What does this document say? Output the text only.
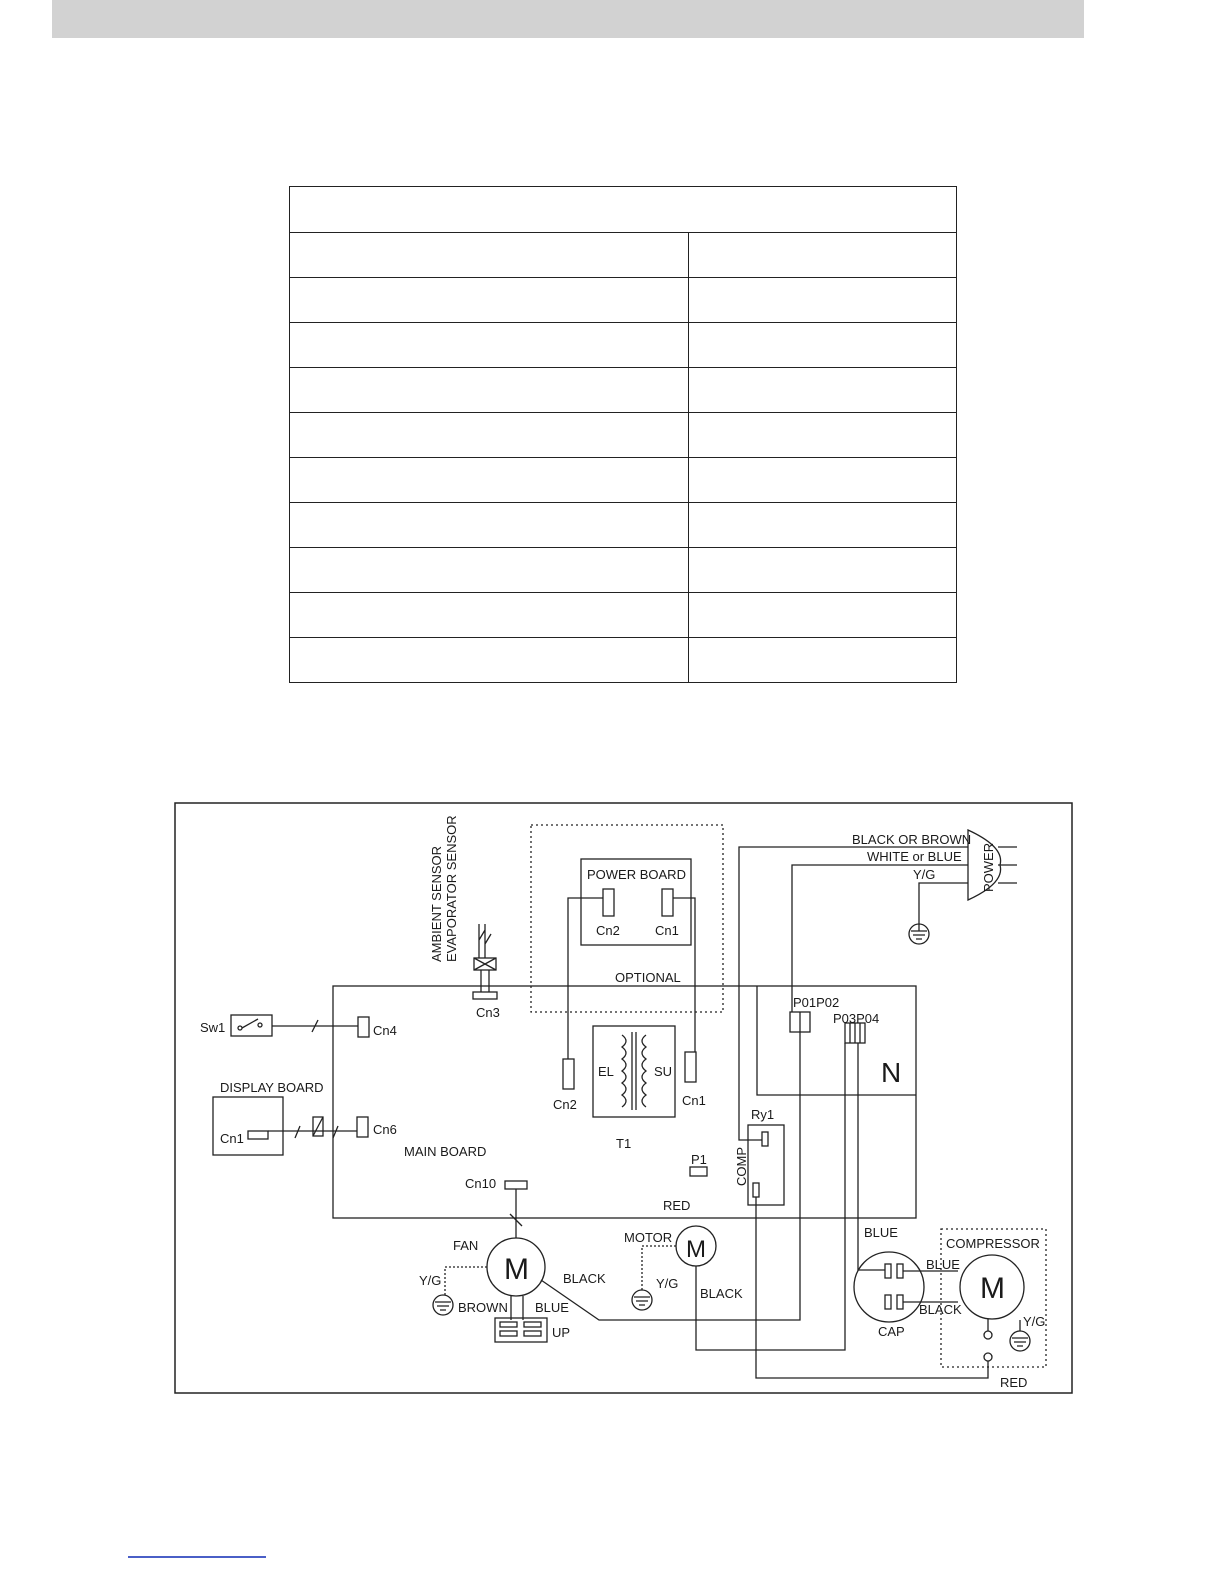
AMBIENT SENSOR EVAPORATOR SENSOR
Cn3
POWER BOARD
Cn2	Cn1
OPTIONAL
Sw1	Cn4
DISPLAY BOARD
Cn1
Cn6
MAIN BOARD
Cn10
EL	SU
T1
Cn2	Cn1
P1
RED
P01P02
P03P04
N
Ry1
COMP
BLACK OR BROWN
WHITE or BLUE
Y/G	POWER
FAN
M
Y/G	BLACK
BROWN BLUE
UP
MOTOR M
Y/G
BLACK
BLUE
BLUE
BLACK
CAP
COMPRESSOR
M
Y/G
RED
